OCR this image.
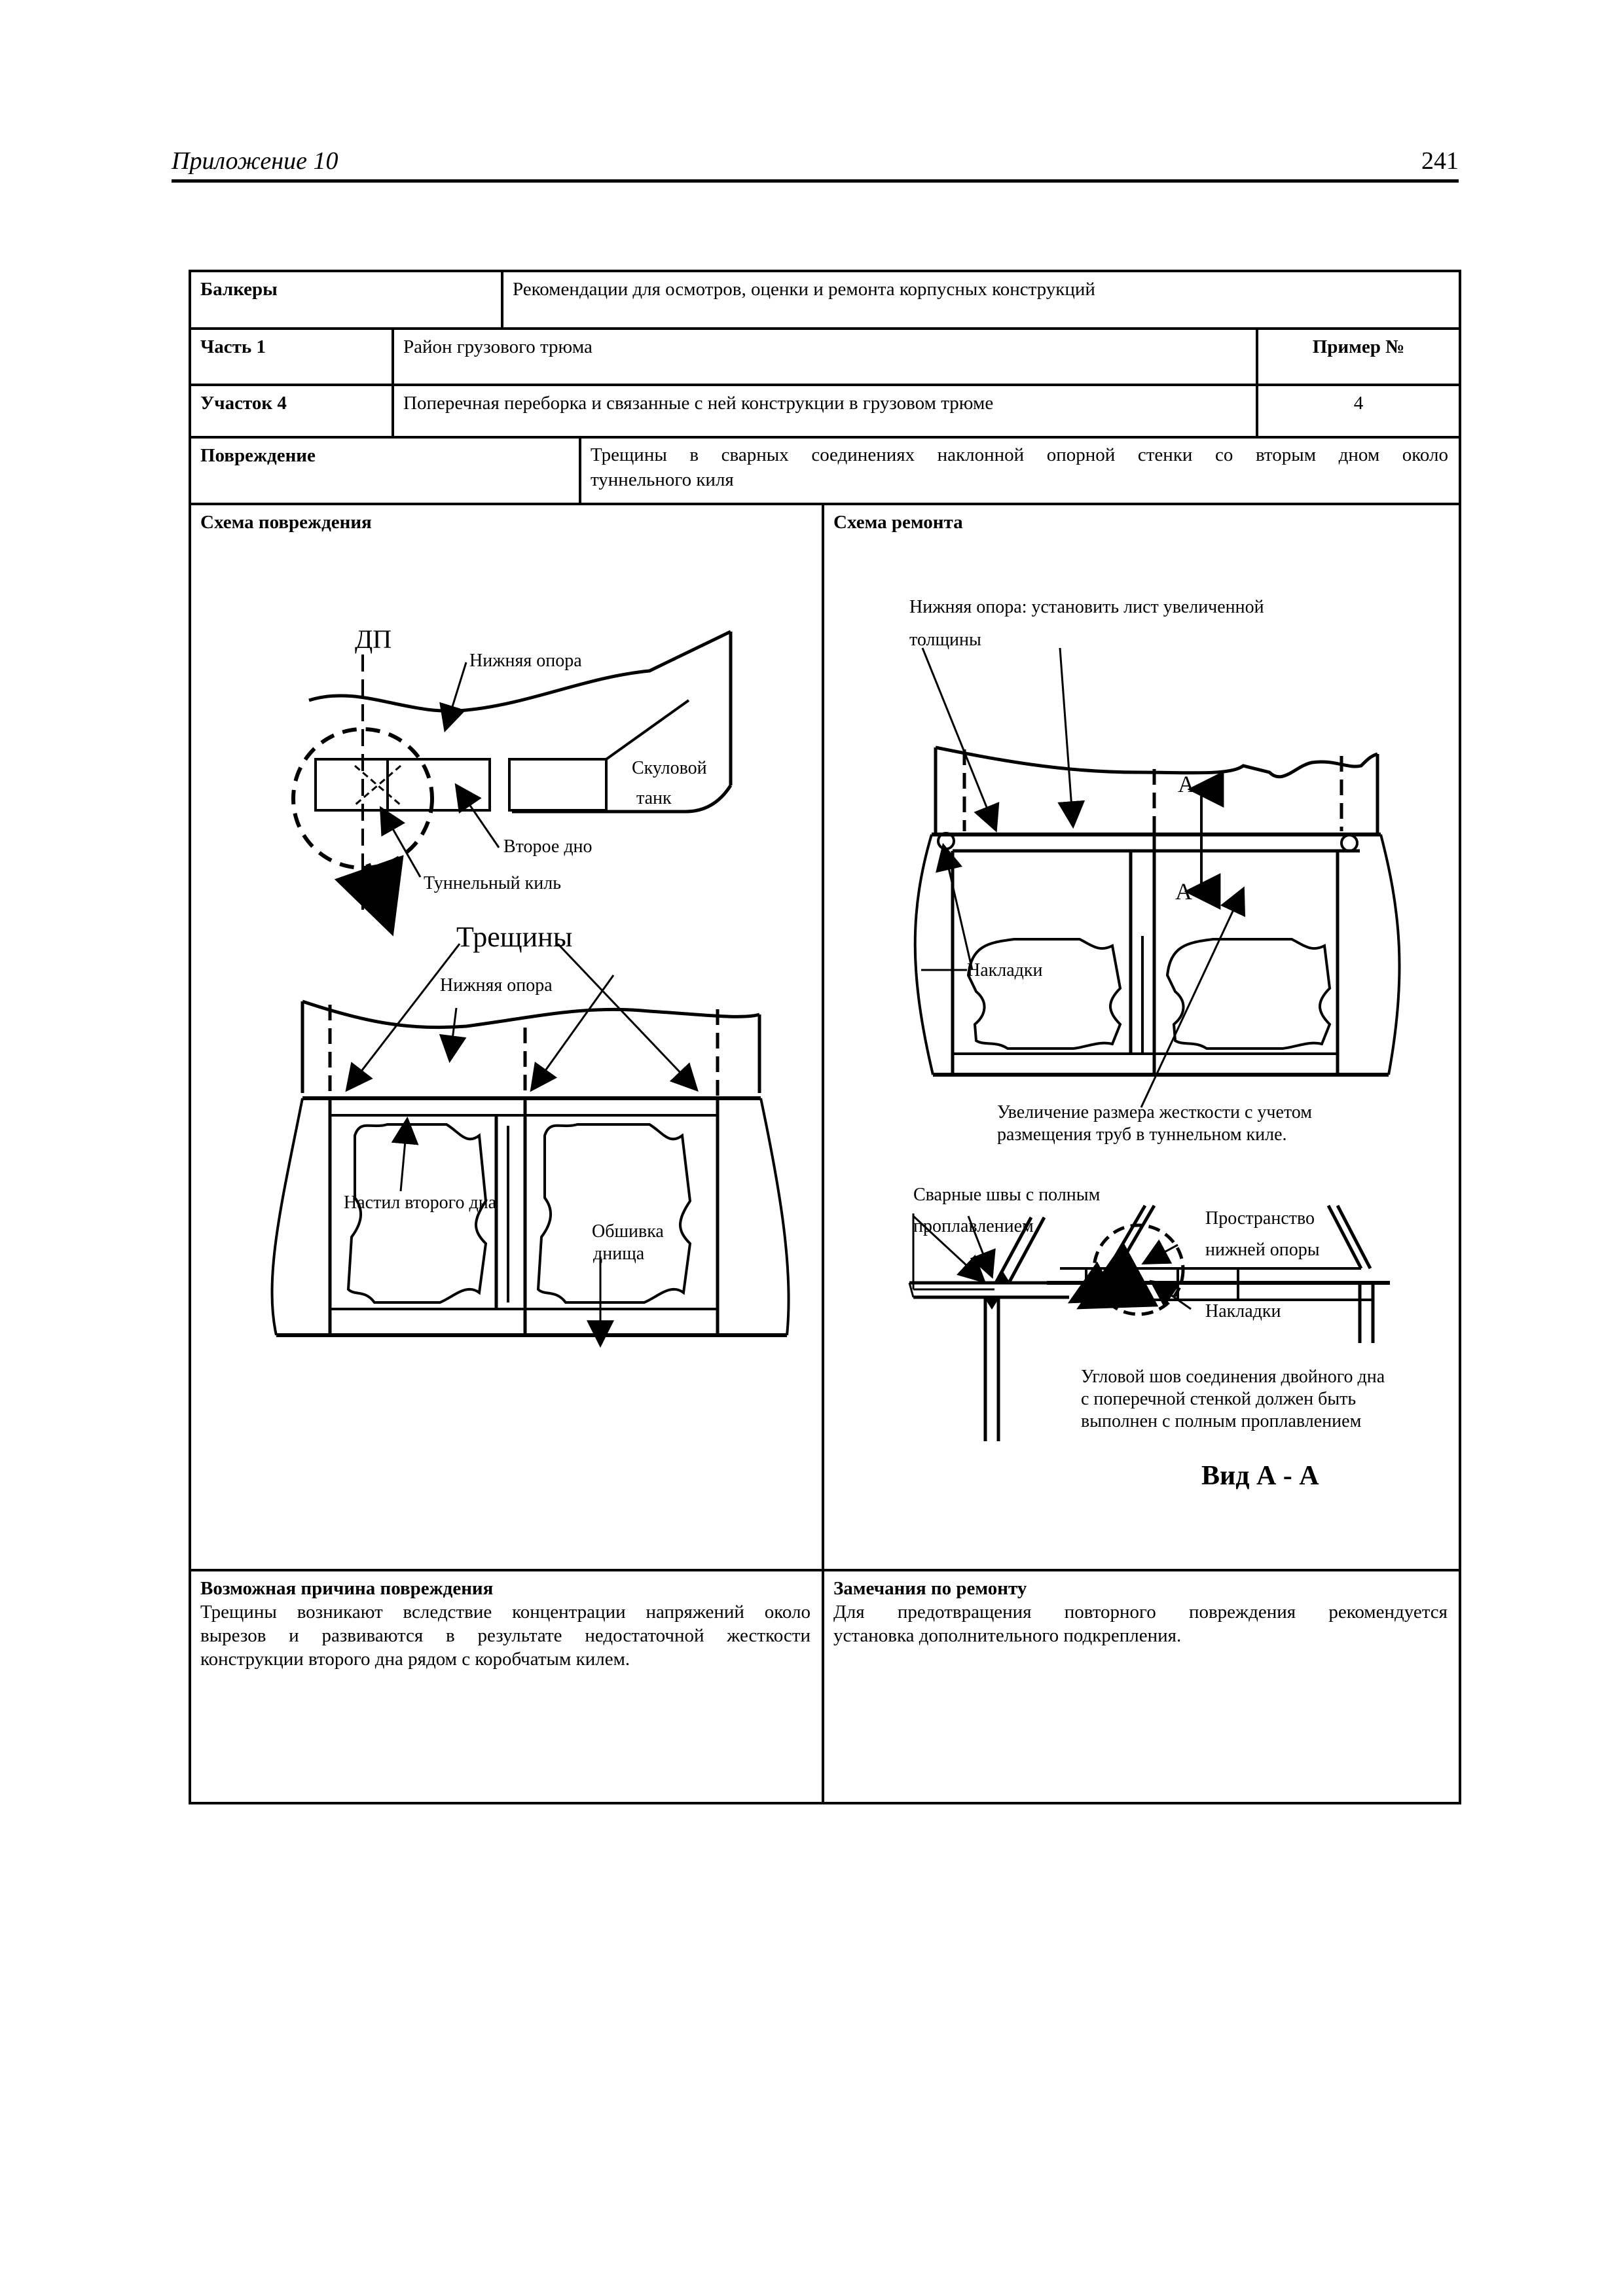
Приложение 10	241
Балкеры	Рекомендации для осмотров, оценки и ремонта корпусных конструкций
Часть 1	Район грузового трюма	Пример №
Участок 4	Поперечная переборка и связанные с ней конструкции в грузовом трюме	4
Повреждение	Трещины в сварных соединениях наклонной опорной стенки со вторым дном около
туннельного киля
Схема повреждения	Схема ремонта
Возможная причина повреждения
Трещины возникают вследствие концентрации напряжений около
вырезов и развиваются в результате недостаточной жесткости
конструкции второго дна рядом с коробчатым килем.
Замечания по ремонту
Для предотвращения повторного повреждения рекомендуется
установка дополнительного подкрепления.
ДП
Нижняя опора
Скуловой
танк
Второе дно
Туннельный киль
Трещины
Нижняя опора
Настил второго дна
Обшивка
днища
Нижняя опора: установить лист увеличенной
толщины
A
A
Накладки
Увеличение размера жесткости с учетом
размещения труб в туннельном киле.
Сварные швы с полным
проплавлением	Пространство
нижней опоры
Накладки
Угловой шов соединения двойного дна
с поперечной стенкой должен быть
выполнен с полным проплавлением
Вид А - А
